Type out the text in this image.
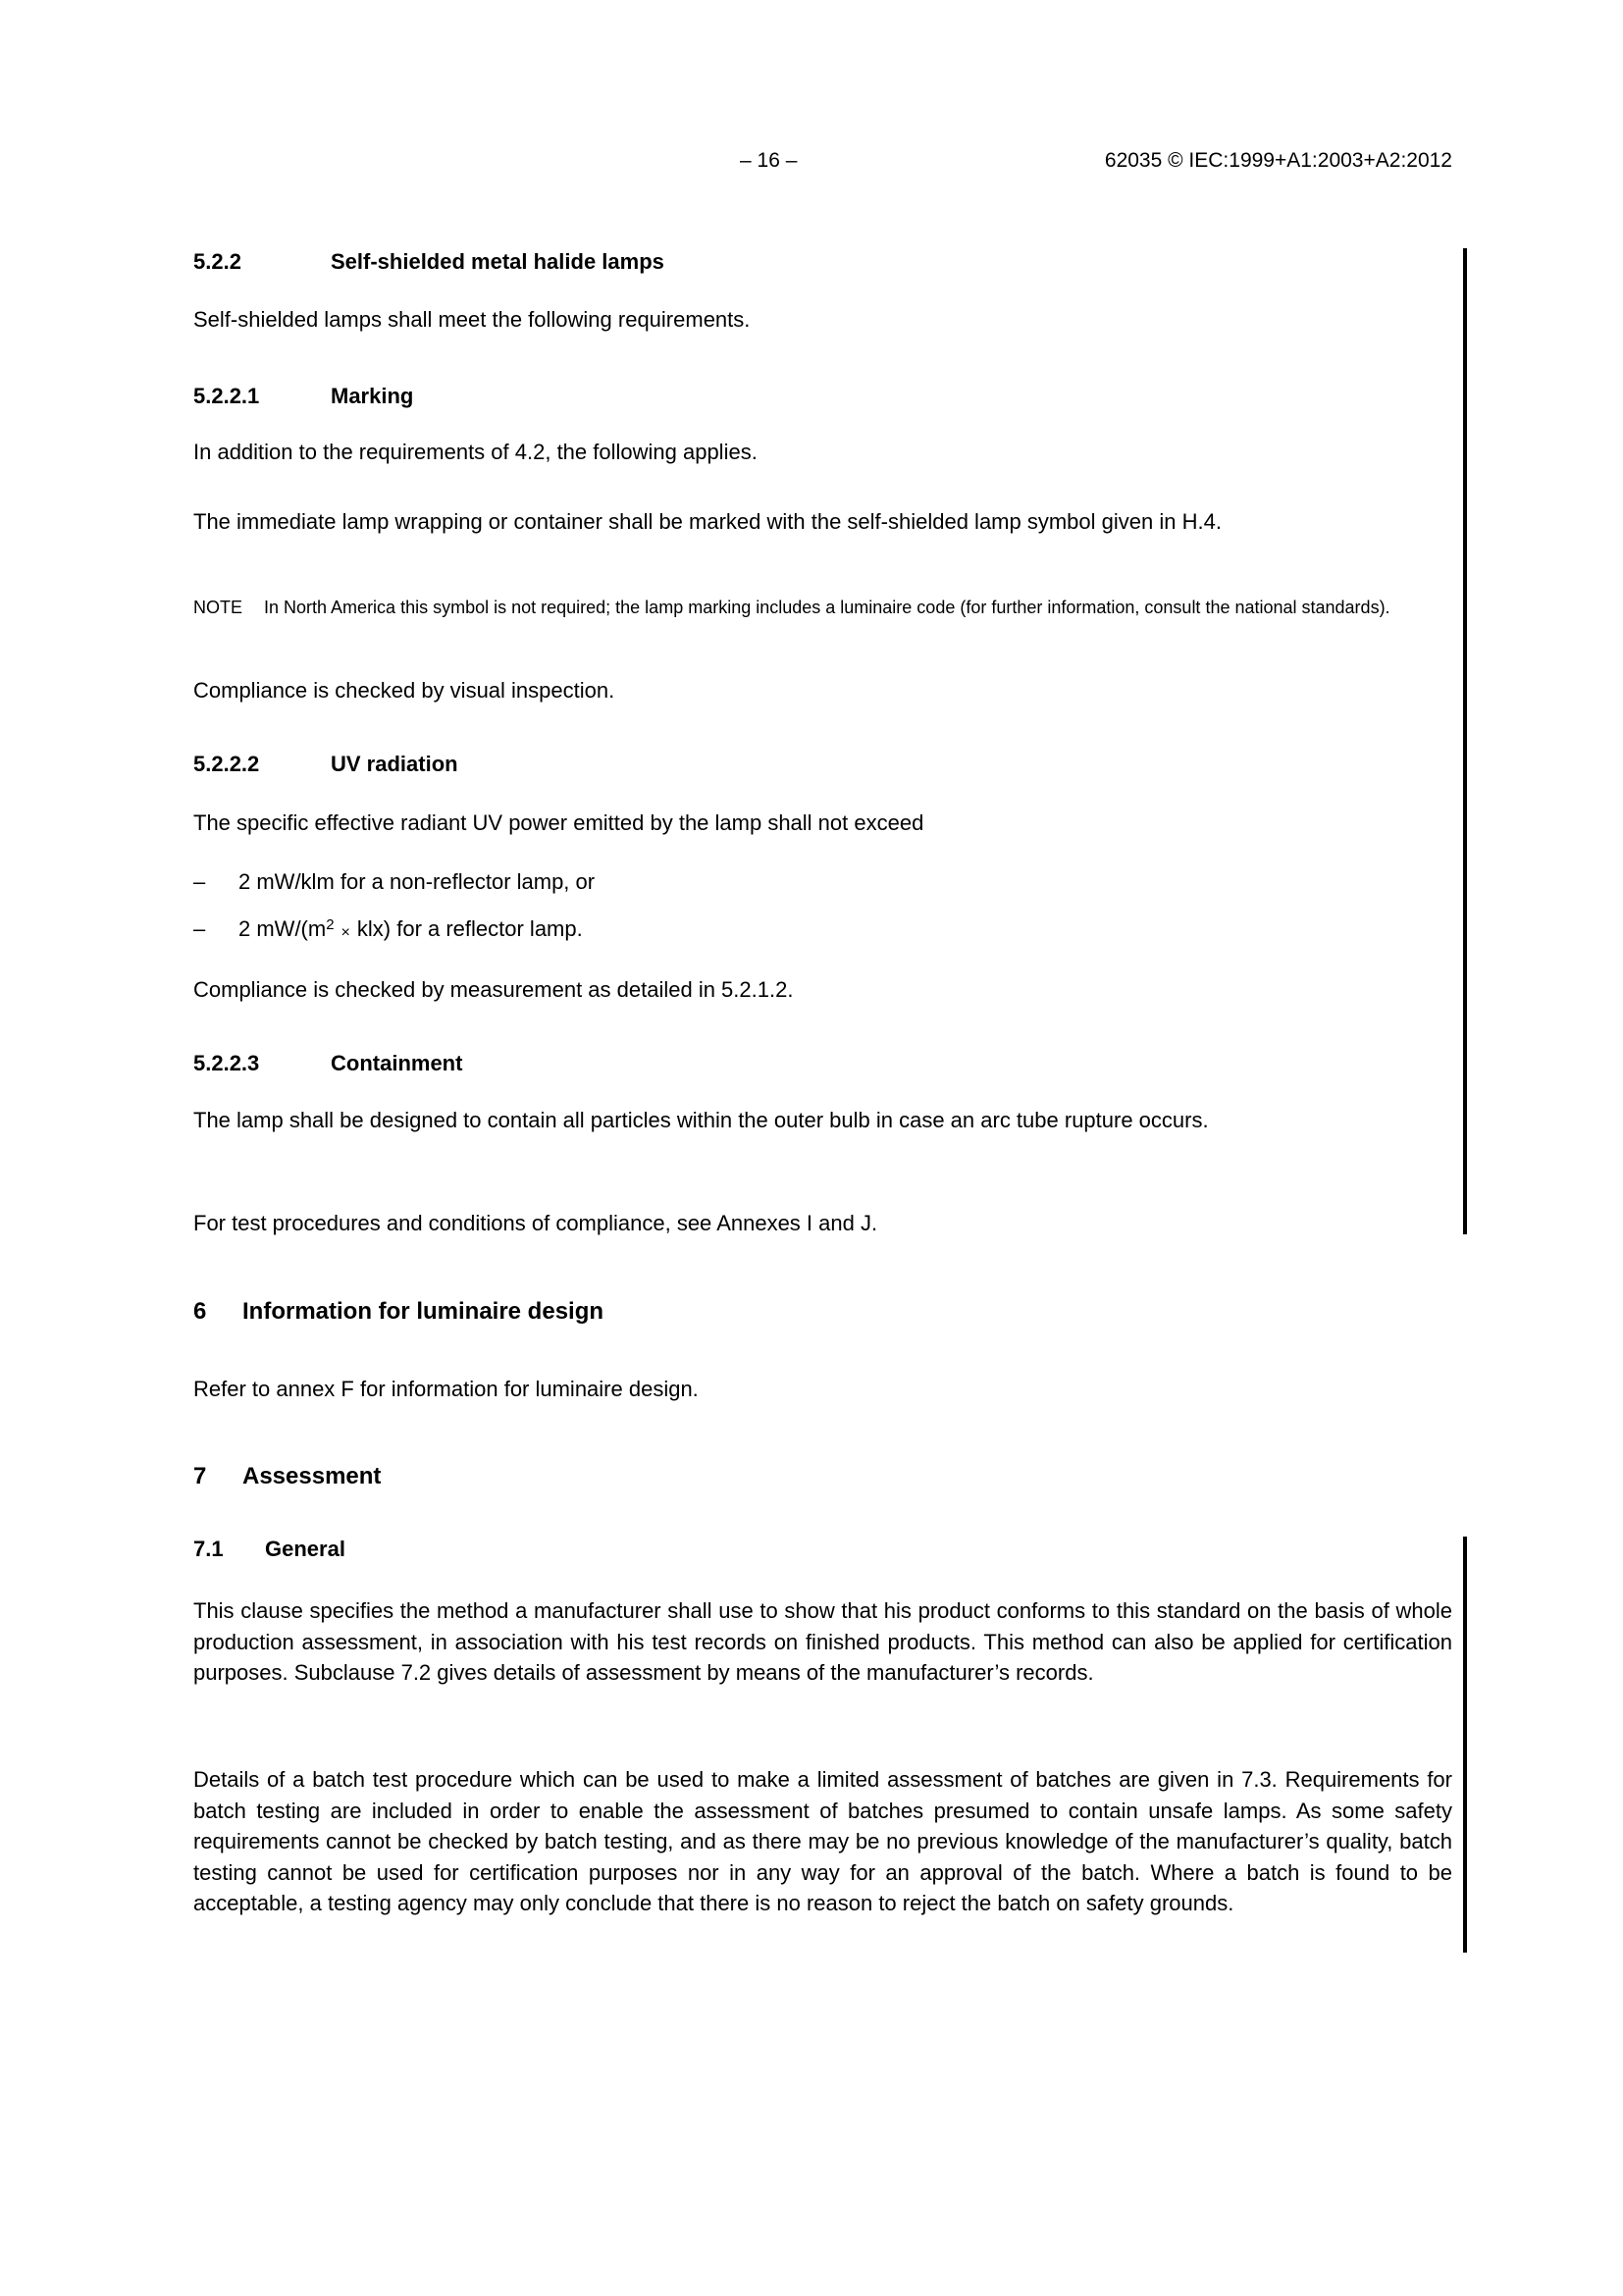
– 16 –	62035 © IEC:1999+A1:2003+A2:2012
5.2.2	Self-shielded metal halide lamps
Self-shielded lamps shall meet the following requirements.
5.2.2.1	Marking
In addition to the requirements of 4.2, the following applies.
The immediate lamp wrapping or container shall be marked with the self-shielded lamp symbol given in H.4.
NOTE In North America this symbol is not required; the lamp marking includes a luminaire code (for further information, consult the national standards).
Compliance is checked by visual inspection.
5.2.2.2	UV radiation
The specific effective radiant UV power emitted by the lamp shall not exceed
–	2 mW/klm for a non-reflector lamp, or
–	2 $mW/(m^2 \times klx)$ for a reflector lamp.
Compliance is checked by measurement as detailed in 5.2.1.2.
5.2.2.3	Containment
The lamp shall be designed to contain all particles within the outer bulb in case an arc tube rupture occurs.
For test procedures and conditions of compliance, see Annexes I and J.
6 Information for luminaire design
Refer to annex F for information for luminaire design.
7 Assessment
7.1 General
This clause specifies the method a manufacturer shall use to show that his product conforms to this standard on the basis of whole production assessment, in association with his test records on finished products. This method can also be applied for certification purposes. Subclause 7.2 gives details of assessment by means of the manufacturer’s records.
Details of a batch test procedure which can be used to make a limited assessment of batches are given in 7.3. Requirements for batch testing are included in order to enable the assessment of batches presumed to contain unsafe lamps. As some safety requirements cannot be checked by batch testing, and as there may be no previous knowledge of the manufacturer’s quality, batch testing cannot be used for certification purposes nor in any way for an approval of the batch. Where a batch is found to be acceptable, a testing agency may only conclude that there is no reason to reject the batch on safety grounds.
